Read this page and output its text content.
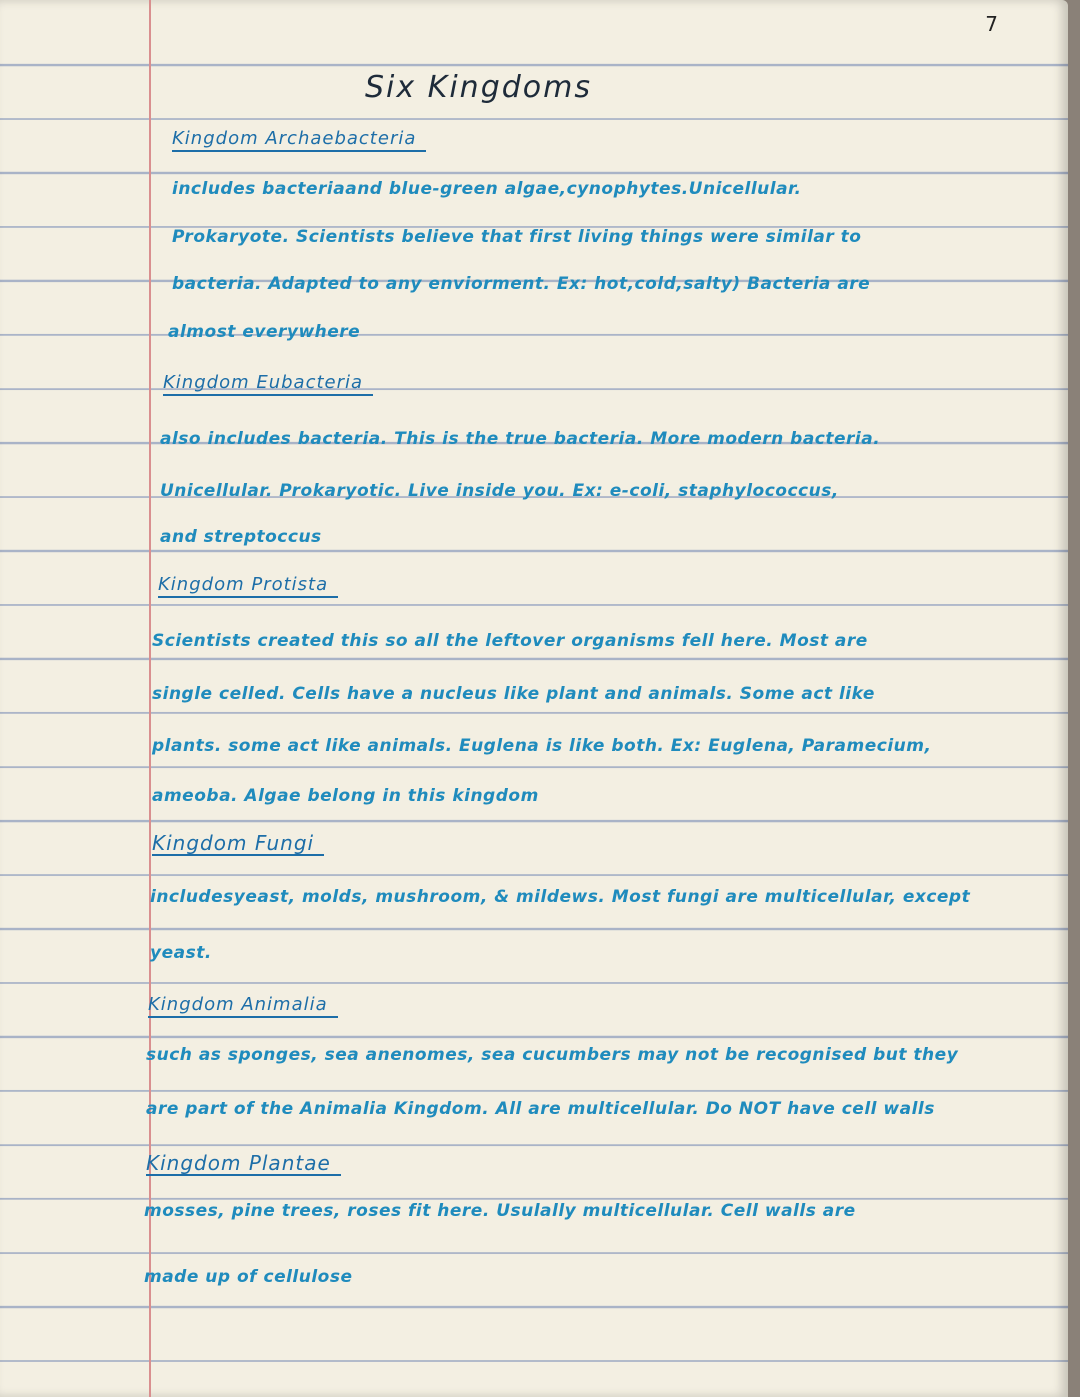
7
Six Kingdoms
Kingdom Archaebacteria
includes bacteriaand blue-green algae,cynophytes.Unicellular.
Prokaryote. Scientists believe that first living things were similar to
bacteria. Adapted to any enviorment. Ex: hot,cold,salty) Bacteria are
almost everywhere
Kingdom Eubacteria
also includes bacteria. This is the true bacteria. More modern bacteria.
Unicellular. Prokaryotic. Live inside you. Ex: e-coli, staphylococcus,
and streptoccus
Kingdom Protista
Scientists created this so all the leftover organisms fell here. Most are
single celled. Cells have a nucleus like plant and animals. Some act like
plants. some act like animals. Euglena is like both. Ex: Euglena, Paramecium,
ameoba. Algae belong in this kingdom
Kingdom Fungi
includesyeast, molds, mushroom, & mildews. Most fungi are multicellular, except
yeast.
Kingdom Animalia
such as sponges, sea anenomes, sea cucumbers may not be recognised but they
are part of the Animalia Kingdom. All are multicellular. Do NOT have cell walls
Kingdom Plantae
mosses, pine trees, roses fit here. Usulally multicellular. Cell walls are
made up of cellulose
